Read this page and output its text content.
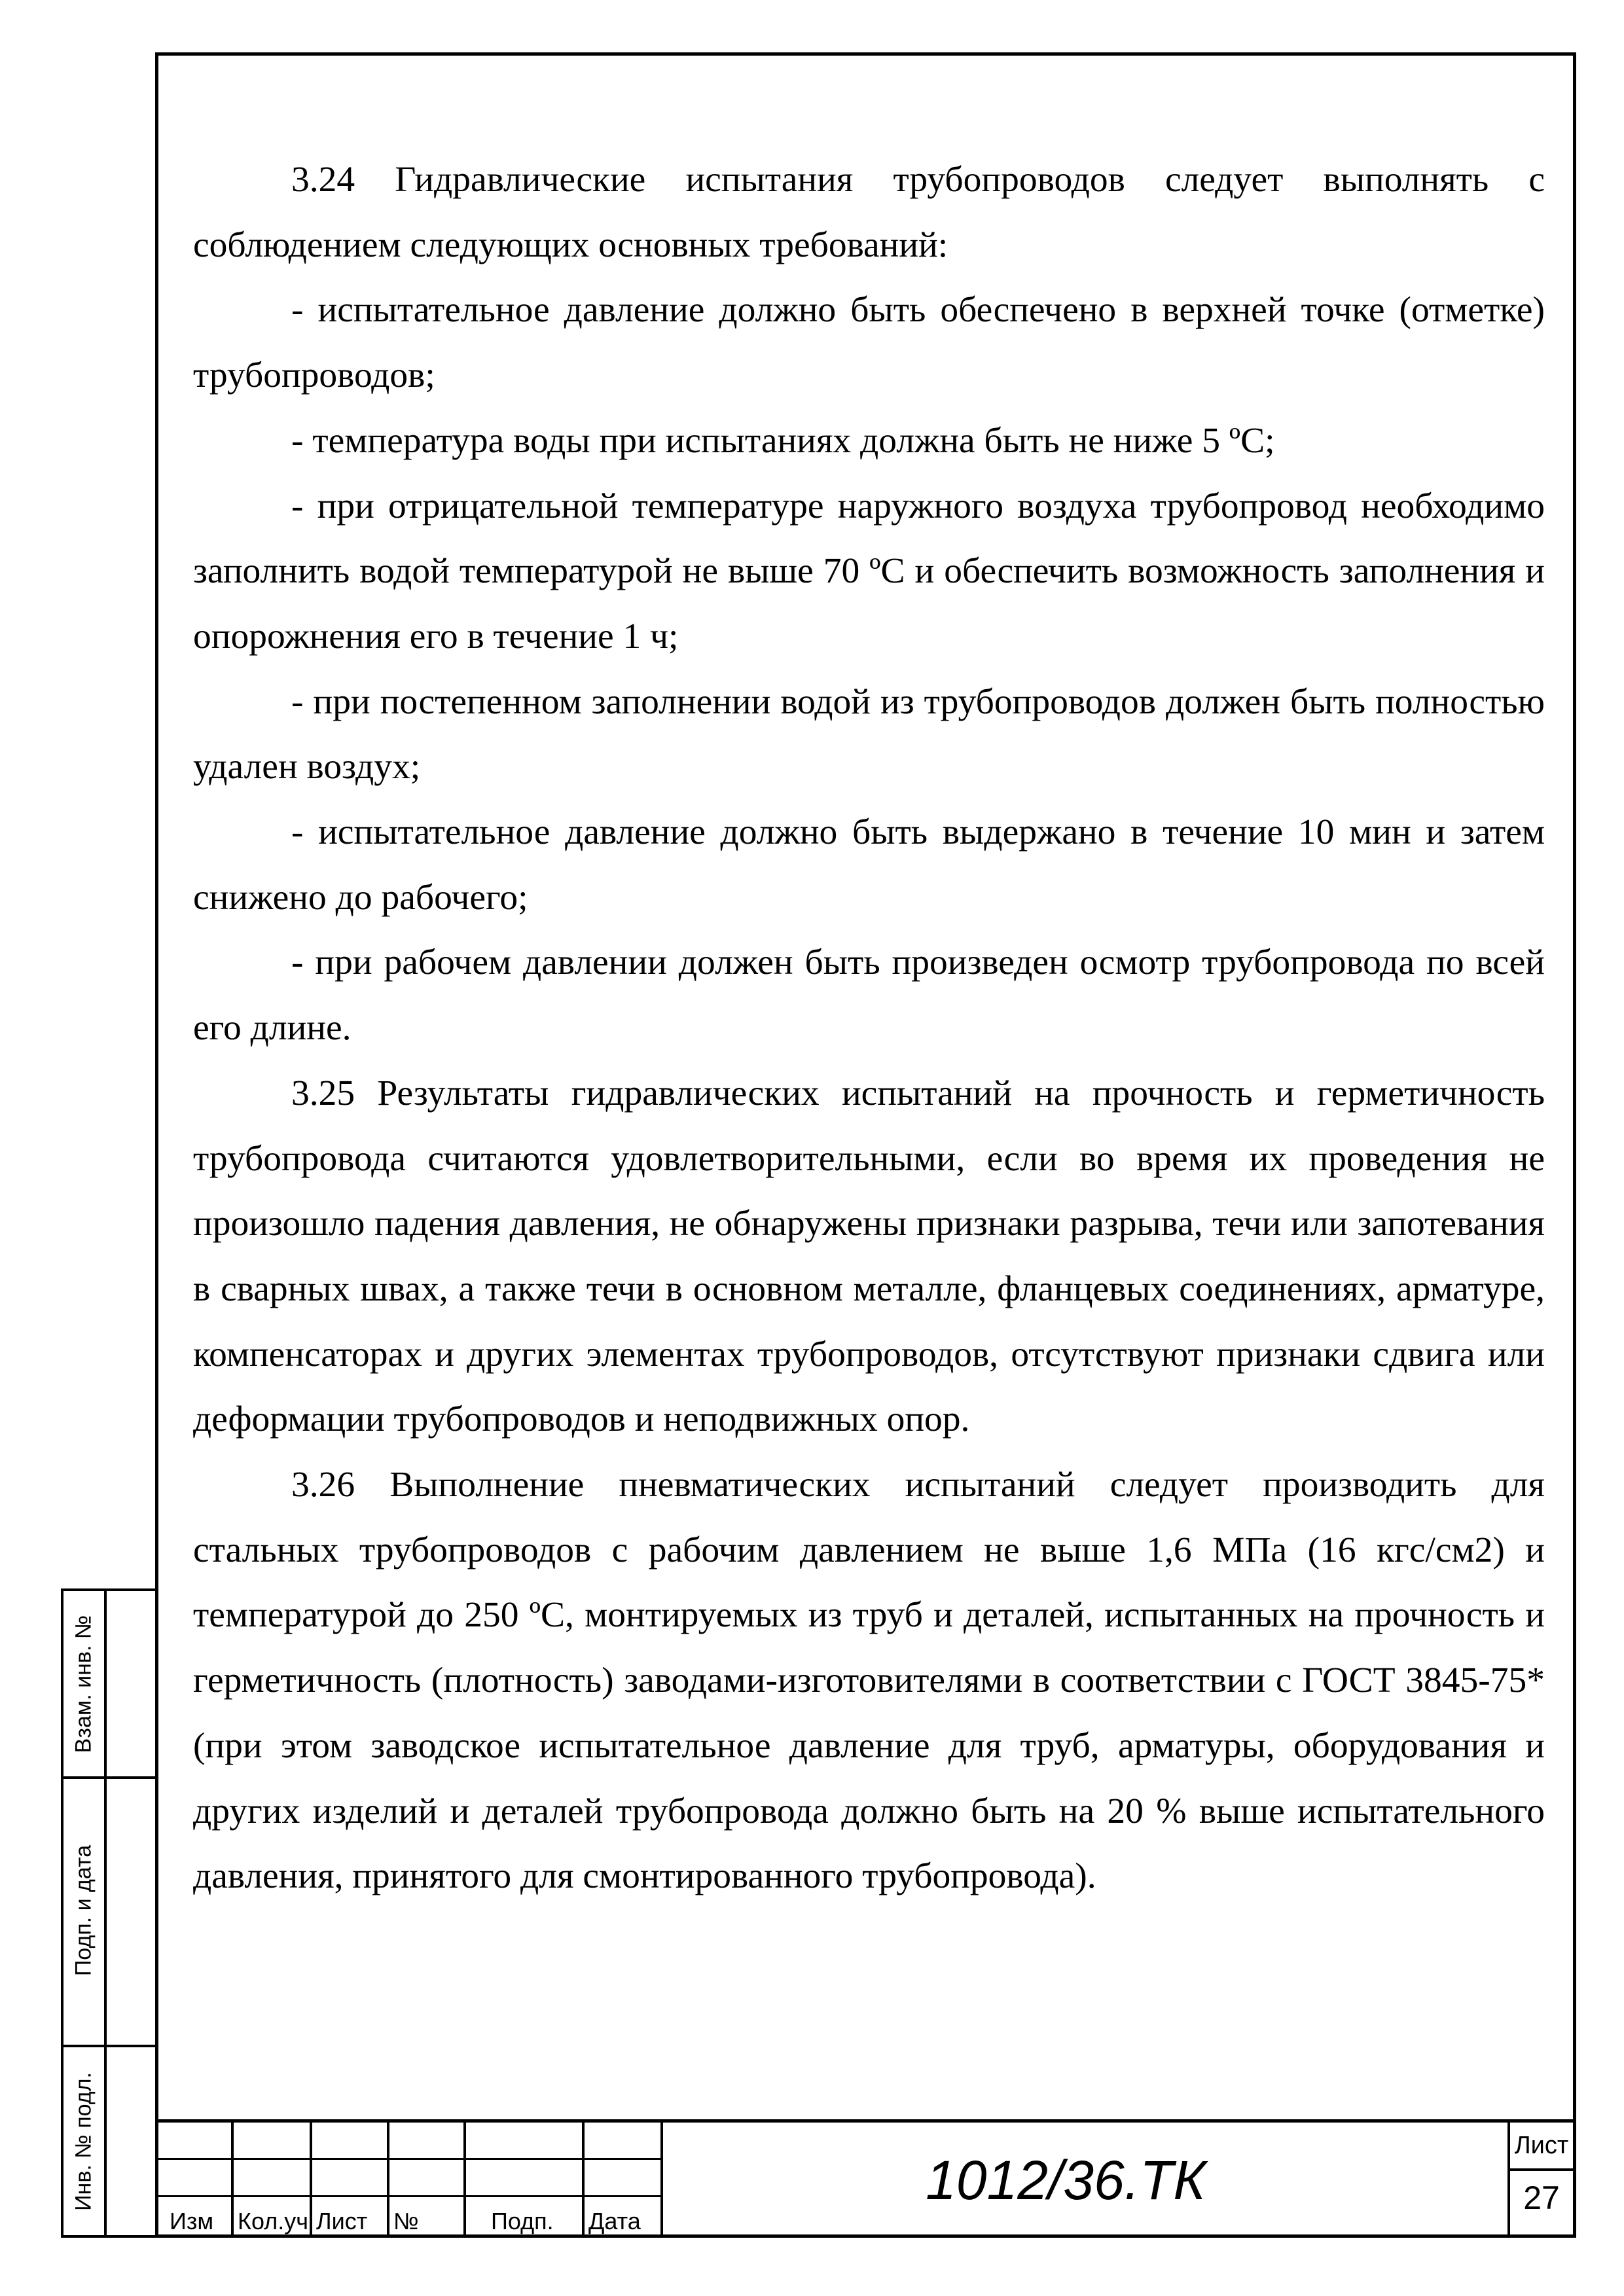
3.24 Гидравлические испытания трубопроводов следует выполнять с соблюдением следующих основных требований:

- испытательное давление должно быть обеспечено в верхней точке (отметке) трубопроводов;

- температура воды при испытаниях должна быть не ниже 5 ºС;

- при отрицательной температуре наружного воздуха трубопровод необходимо заполнить водой температурой не выше 70 ºС и обеспечить возможность заполнения и опорожнения его в течение 1 ч;

- при постепенном заполнении водой из трубопроводов должен быть полностью удален воздух;

- испытательное давление должно быть выдержано в течение 10 мин и затем снижено до рабочего;

- при рабочем давлении должен быть произведен осмотр трубопровода по всей его длине.

3.25 Результаты гидравлических испытаний на прочность и герметичность трубопровода считаются удовлетворительными, если во время их проведения не произошло падения давления, не обнаружены признаки разрыва, течи или запотевания в сварных швах, а также течи в основном металле, фланцевых соединениях, арматуре, компенсаторах и других элементах трубопроводов, отсутствуют признаки сдвига или деформации трубопроводов и неподвижных опор.

3.26 Выполнение пневматических испытаний следует производить для стальных трубопроводов с рабочим давлением не выше 1,6 МПа (16 кгс/см2) и температурой до 250 ºС, монтируемых из труб и деталей, испытанных на прочность и герметичность (плотность) заводами-изготовителями в соответствии с ГОСТ 3845-75* (при этом заводское испытательное давление для труб, арматуры, оборудования и других изделий и деталей трубопровода должно быть на 20 % выше испытательного давления, принятого для смонтированного трубопровода).

Взам. инв. №
Подп. и дата
Инв. № подл.
Изм	Кол.уч Лист	№	Подп.	Дата
1012/36.ТК
Лист
27
